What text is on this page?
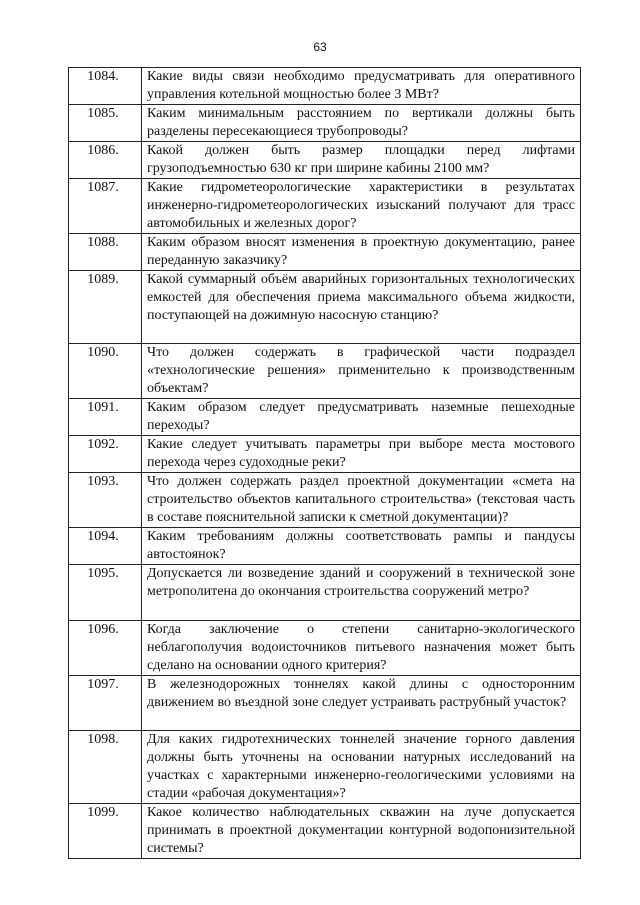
63
1084.	Какие виды связи необходимо предусматривать для оперативного управления котельной мощностью более 3 МВт?
1085.	Каким минимальным расстоянием по вертикали должны быть разделены пересекающиеся трубопроводы?
1086.	Какой должен быть размер площадки перед лифтами грузоподъемностью 630 кг при ширине кабины 2100 мм?
1087.	Какие гидрометеорологические характеристики в результатах инженерно-гидрометеорологических изысканий получают для трасс автомобильных и железных дорог?
1088.	Каким образом вносят изменения в проектную документацию, ранее переданную заказчику?
1089.	Какой суммарный объём аварийных горизонтальных технологических емкостей для обеспечения приема максимального объема жидкости, поступающей на дожимную насосную станцию?
1090.	Что должен содержать в графической части подраздел «технологические решения» применительно к производственным объектам?
1091.	Каким образом следует предусматривать наземные пешеходные переходы?
1092.	Какие следует учитывать параметры при выборе места мостового перехода через судоходные реки?
1093.	Что должен содержать раздел проектной документации «смета на строительство объектов капитального строительства» (текстовая часть в составе пояснительной записки к сметной документации)?
1094.	Каким требованиям должны соответствовать рампы и пандусы автостоянок?
1095.	Допускается ли возведение зданий и сооружений в технической зоне метрополитена до окончания строительства сооружений метро?
1096.	Когда заключение о степени санитарно-экологического неблагополучия водоисточников питьевого назначения может быть сделано на основании одного критерия?
1097.	В железнодорожных тоннелях какой длины с односторонним движением во въездной зоне следует устраивать раструбный участок?
1098.	Для каких гидротехнических тоннелей значение горного давления должны быть уточнены на основании натурных исследований на участках с характерными инженерно-геологическими условиями на стадии «рабочая документация»?
1099.	Какое количество наблюдательных скважин на луче допускается принимать в проектной документации контурной водопонизительной системы?
